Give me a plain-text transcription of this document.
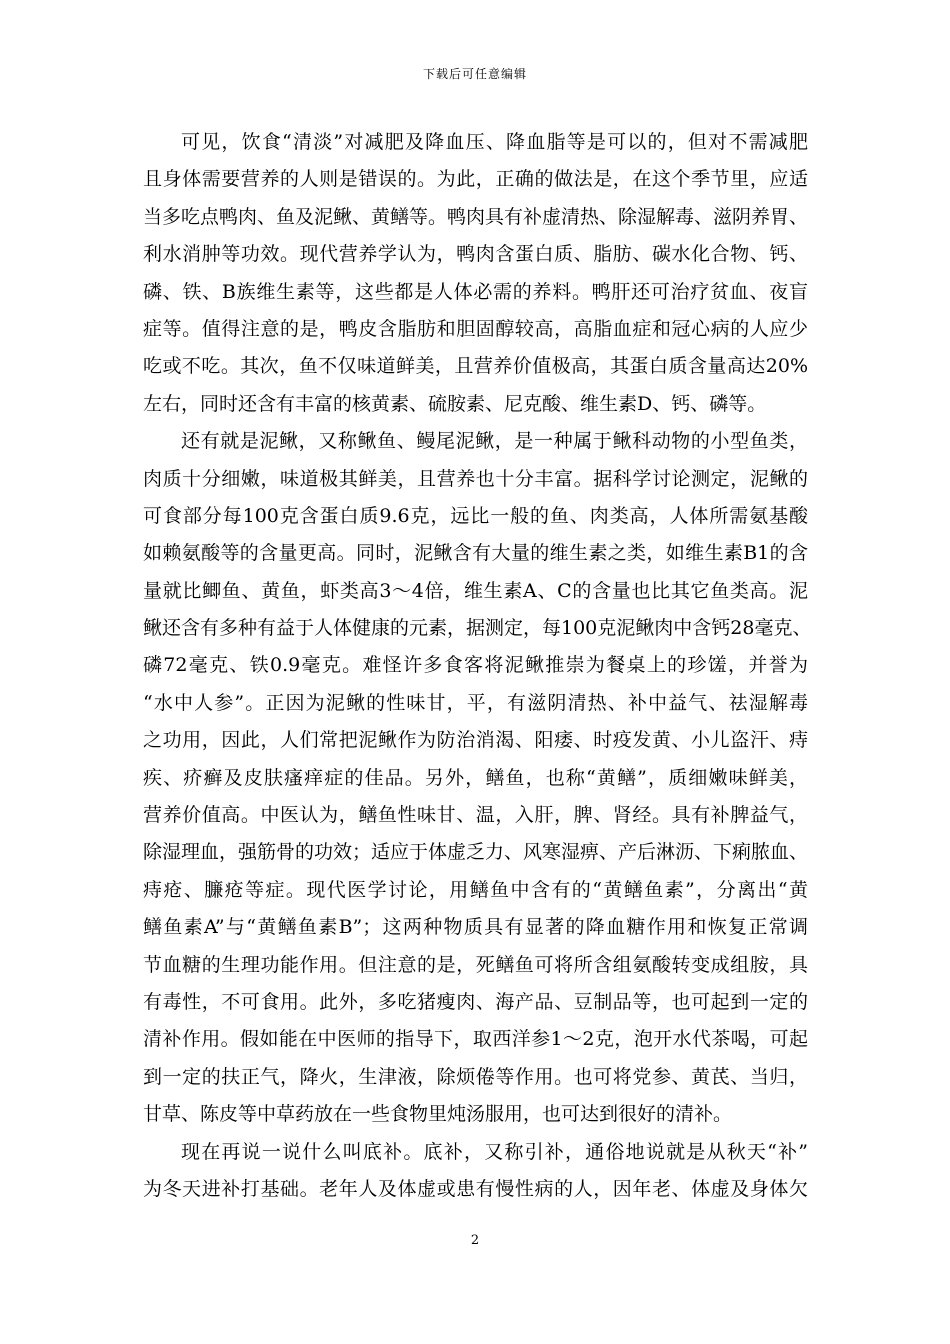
下载后可任意编辑
可见，饮食“清淡”对减肥及降血压、降血脂等是可以的，但对不需减肥
且身体需要营养的人则是错误的。为此，正确的做法是，在这个季节里，应适
当多吃点鸭肉、鱼及泥鳅、黄鳝等。鸭肉具有补虚清热、除湿解毒、滋阴养胃、
利水消肿等功效。现代营养学认为，鸭肉含蛋白质、脂肪、碳水化合物、钙、
磷、铁、B族维生素等，这些都是人体必需的养料。鸭肝还可治疗贫血、夜盲
症等。值得注意的是，鸭皮含脂肪和胆固醇较高，高脂血症和冠心病的人应少
吃或不吃。其次，鱼不仅味道鲜美，且营养价值极高，其蛋白质含量高达20%
左右，同时还含有丰富的核黄素、硫胺素、尼克酸、维生素D、钙、磷等。
还有就是泥鳅，又称鳅鱼、鳗尾泥鳅，是一种属于鳅科动物的小型鱼类，
肉质十分细嫩，味道极其鲜美，且营养也十分丰富。据科学讨论测定，泥鳅的
可食部分每100克含蛋白质9.6克，远比一般的鱼、肉类高，人体所需氨基酸
如赖氨酸等的含量更高。同时，泥鳅含有大量的维生素之类，如维生素B1的含
量就比鲫鱼、黄鱼，虾类高3～4倍，维生素A、C的含量也比其它鱼类高。泥
鳅还含有多种有益于人体健康的元素，据测定，每100克泥鳅肉中含钙28毫克、
磷72毫克、铁0.9毫克。难怪许多食客将泥鳅推崇为餐桌上的珍馐，并誉为
“水中人参”。正因为泥鳅的性味甘，平，有滋阴清热、补中益气、祛湿解毒
之功用，因此，人们常把泥鳅作为防治消渴、阳痿、时疫发黄、小儿盗汗、痔
疾、疥癣及皮肤瘙痒症的佳品。另外，鳝鱼，也称“黄鳝”，质细嫩味鲜美，
营养价值高。中医认为，鳝鱼性味甘、温，入肝，脾、肾经。具有补脾益气，
除湿理血，强筋骨的功效；适应于体虚乏力、风寒湿痹、产后淋沥、下痢脓血、
痔疮、臁疮等症。现代医学讨论，用鳝鱼中含有的“黄鳝鱼素”，分离出“黄
鳝鱼素A”与“黄鳝鱼素B”；这两种物质具有显著的降血糖作用和恢复正常调
节血糖的生理功能作用。但注意的是，死鳝鱼可将所含组氨酸转变成组胺，具
有毒性，不可食用。此外，多吃猪瘦肉、海产品、豆制品等，也可起到一定的
清补作用。假如能在中医师的指导下，取西洋参1～2克，泡开水代茶喝，可起
到一定的扶正气，降火，生津液，除烦倦等作用。也可将党参、黄芪、当归，
甘草、陈皮等中草药放在一些食物里炖汤服用，也可达到很好的清补。
现在再说一说什么叫底补。底补，又称引补，通俗地说就是从秋天“补”
为冬天进补打基础。老年人及体虚或患有慢性病的人，因年老、体虚及身体欠
2
